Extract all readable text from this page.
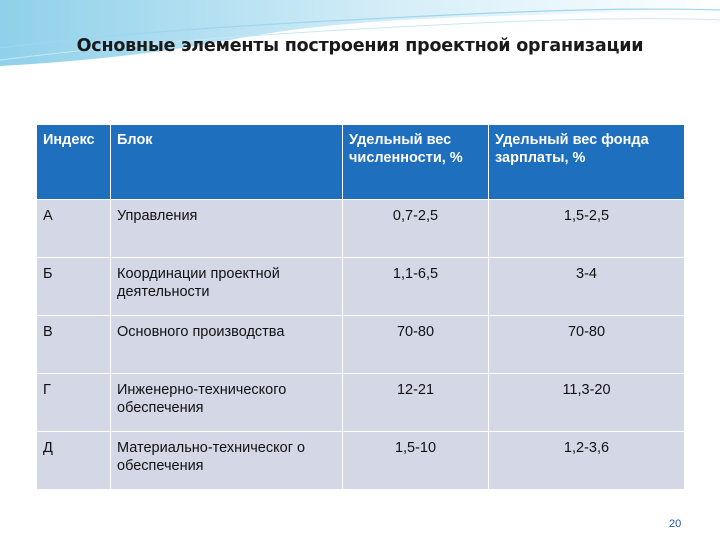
Основные элементы построения проектной организации
Индекс	Блок	Удельный вес численности, %	Удельный вес фонда зарплаты, %
А	Управления	0,7-2,5	1,5-2,5
Б	Координации проектной деятельности	1,1-6,5	3-4
В	Основного производства	70-80	70-80
Г	Инженерно-технического обеспечения	12-21	11,3-20
Д	Материально-техническог о обеспечения	1,5-10	1,2-3,6
20
